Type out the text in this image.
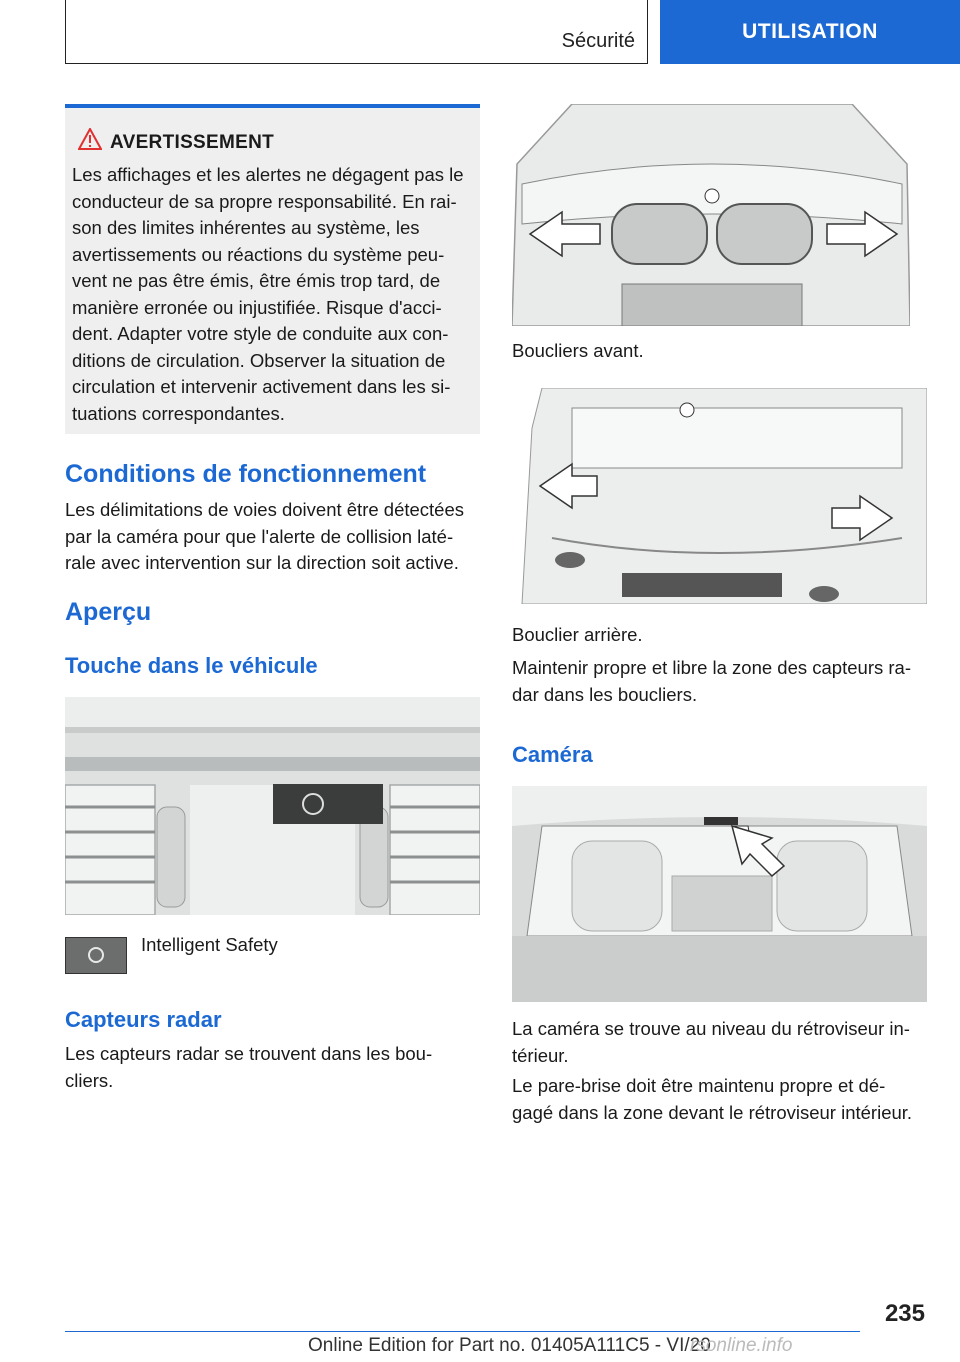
Sécurité	UTILISATION
AVERTISSEMENT
Les affichages et les alertes ne dégagent pas le
conducteur de sa propre responsabilité. En rai-
son des limites inhérentes au système, les
avertissements ou réactions du système peu-
vent ne pas être émis, être émis trop tard, de
manière erronée ou injustifiée. Risque d'acci-
dent. Adapter votre style de conduite aux con-
ditions de circulation. Observer la situation de
circulation et intervenir activement dans les si-
tuations correspondantes.
Conditions de fonctionnement
Les délimitations de voies doivent être détectées
par la caméra pour que l'alerte de collision laté-
rale avec intervention sur la direction soit active.
Aperçu
Touche dans le véhicule
Intelligent Safety
Capteurs radar
Les capteurs radar se trouvent dans les bou-
cliers.
Boucliers avant.
Bouclier arrière.
Maintenir propre et libre la zone des capteurs ra-
dar dans les boucliers.
Caméra
La caméra se trouve au niveau du rétroviseur in-
térieur.
Le pare-brise doit être maintenu propre et dé-
gagé dans la zone devant le rétroviseur intérieur.
235
Online Edition for Part no. 01405A111C5 - VI/20
rsonline.info
